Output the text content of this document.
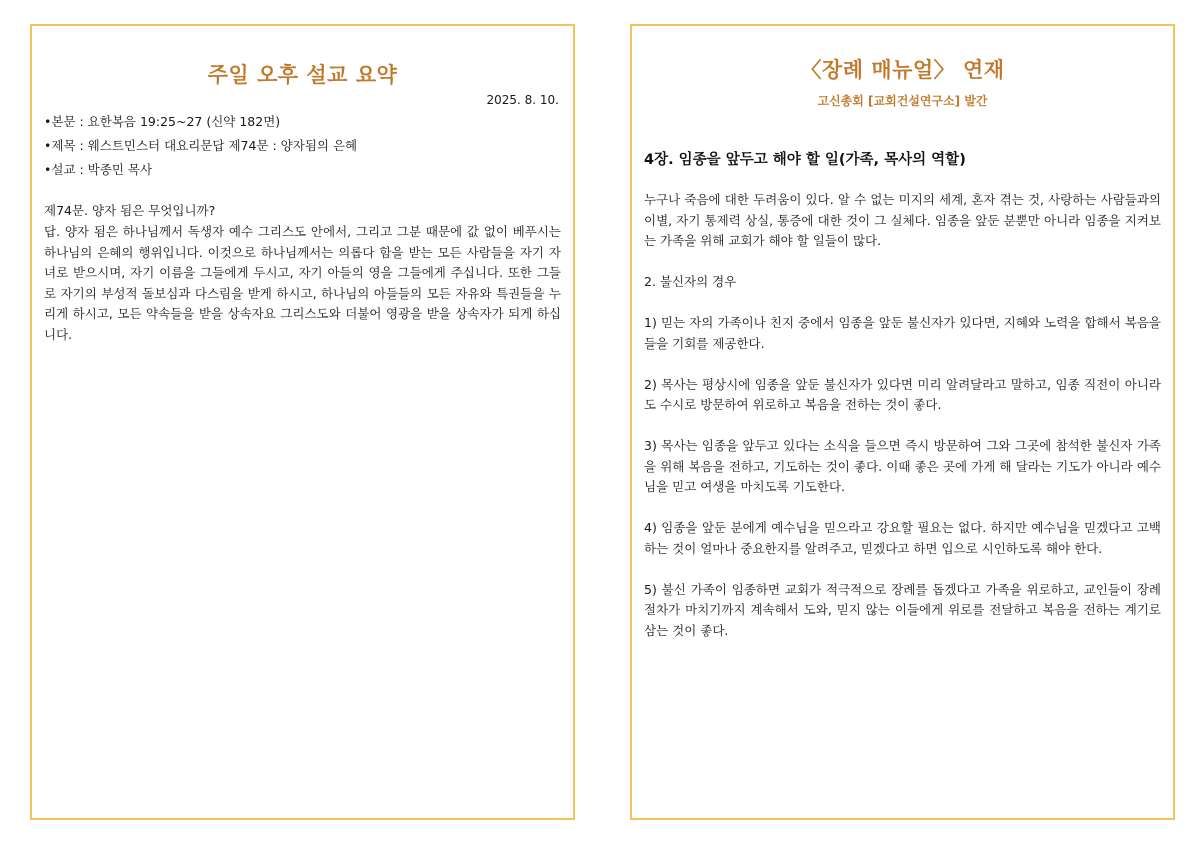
주일 오후 설교 요약
2025. 8. 10.
•본문 : 요한복음 19:25~27 (신약 182면)
•제목 : 웨스트민스터 대요리문답 제74문 : 양자됨의 은혜
•설교 : 박종민 목사
제74문. 양자 됨은 무엇입니까?

답. 양자 됨은 하나님께서 독생자 예수 그리스도 안에서, 그리고 그분 때문에 값 없이 베푸시는 하나님의 은혜의 행위입니다. 이것으로 하나님께서는 의롭다 함을 받는 모든 사람들을 자기 자녀로 받으시며, 자기 이름을 그들에게 두시고, 자기 아들의 영을 그들에게 주십니다. 또한 그들로 자기의 부성적 돌보심과 다스림을 받게 하시고, 하나님의 아들들의 모든 자유와 특권들을 누리게 하시고, 모든 약속들을 받을 상속자요 그리스도와 더불어 영광을 받을 상속자가 되게 하십니다.

〈장례 매뉴얼〉 연재
고신총회 [교회건설연구소] 발간
4장. 임종을 앞두고 해야 할 일(가족, 목사의 역할)

누구나 죽음에 대한 두려움이 있다. 알 수 없는 미지의 세계, 혼자 겪는 것, 사랑하는 사람들과의 이별, 자기 통제력 상실, 통증에 대한 것이 그 실체다. 임종을 앞둔 분뿐만 아니라 임종을 지켜보는 가족을 위해 교회가 해야 할 일들이 많다.

2. 불신자의 경우

1) 믿는 자의 가족이나 친지 중에서 임종을 앞둔 불신자가 있다면, 지혜와 노력을 합해서 복음을 들을 기회를 제공한다.

2) 목사는 평상시에 임종을 앞둔 불신자가 있다면 미리 알려달라고 말하고, 임종 직전이 아니라도 수시로 방문하여 위로하고 복음을 전하는 것이 좋다.

3) 목사는 임종을 앞두고 있다는 소식을 들으면 즉시 방문하여 그와 그곳에 참석한 불신자 가족을 위해 복음을 전하고, 기도하는 것이 좋다. 이때 좋은 곳에 가게 해 달라는 기도가 아니라 예수님을 믿고 여생을 마치도록 기도한다.

4) 임종을 앞둔 분에게 예수님을 믿으라고 강요할 필요는 없다. 하지만 예수님을 믿겠다고 고백하는 것이 얼마나 중요한지를 알려주고, 믿겠다고 하면 입으로 시인하도록 해야 한다.

5) 불신 가족이 임종하면 교회가 적극적으로 장례를 돕겠다고 가족을 위로하고, 교인들이 장례 절차가 마치기까지 계속해서 도와, 믿지 않는 이들에게 위로를 전달하고 복음을 전하는 계기로 삼는 것이 좋다.
